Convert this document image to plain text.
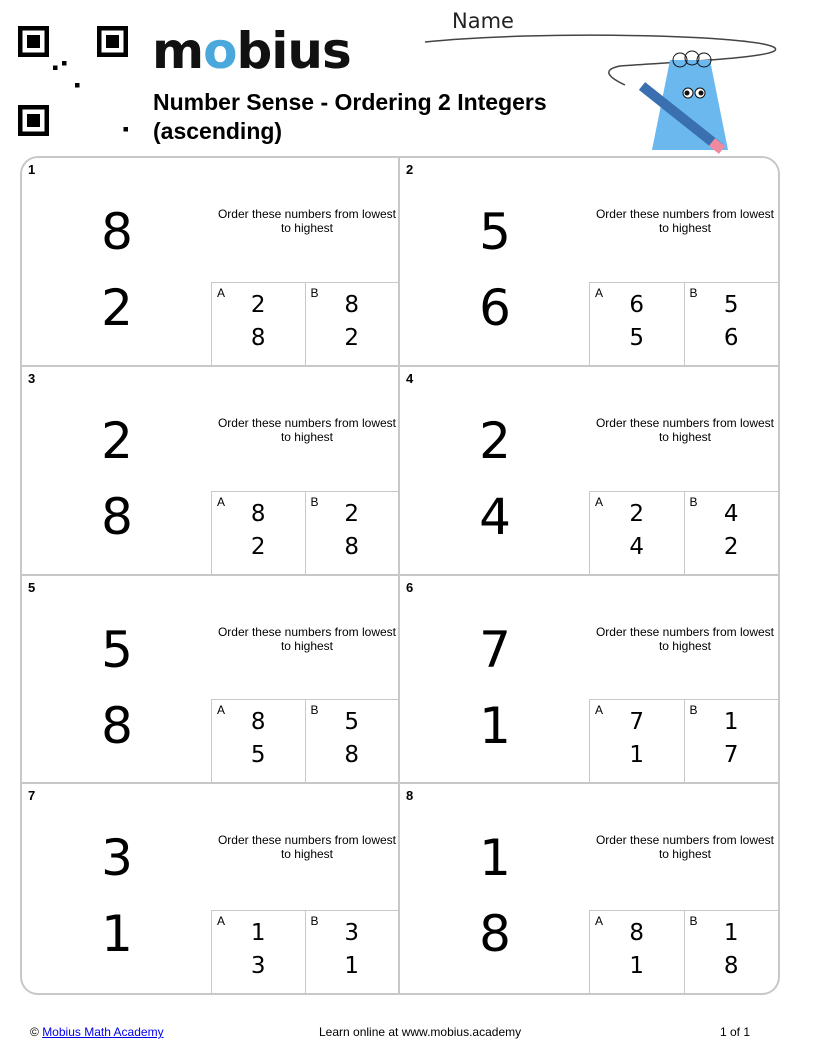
mobius
Number Sense - Ordering 2 Integers
(ascending)
Name
1
8
2
Order these numbers from lowest to highest
A	2
8
B	8
2
2
5
6
Order these numbers from lowest to highest
A	6
5
B	5
6
3
2
8
Order these numbers from lowest to highest
A	8
2
B	2
8
4
2
4
Order these numbers from lowest to highest
A	2
4
B	4
2
5
5
8
Order these numbers from lowest to highest
A	8
5
B	5
8
6
7
1
Order these numbers from lowest to highest
A	7
1
B	1
7
7
3
1
Order these numbers from lowest to highest
A	1
3
B	3
1
8
1
8
Order these numbers from lowest to highest
A	8
1
B	1
8
© Mobius Math Academy	Learn online at www.mobius.academy	1 of 1
